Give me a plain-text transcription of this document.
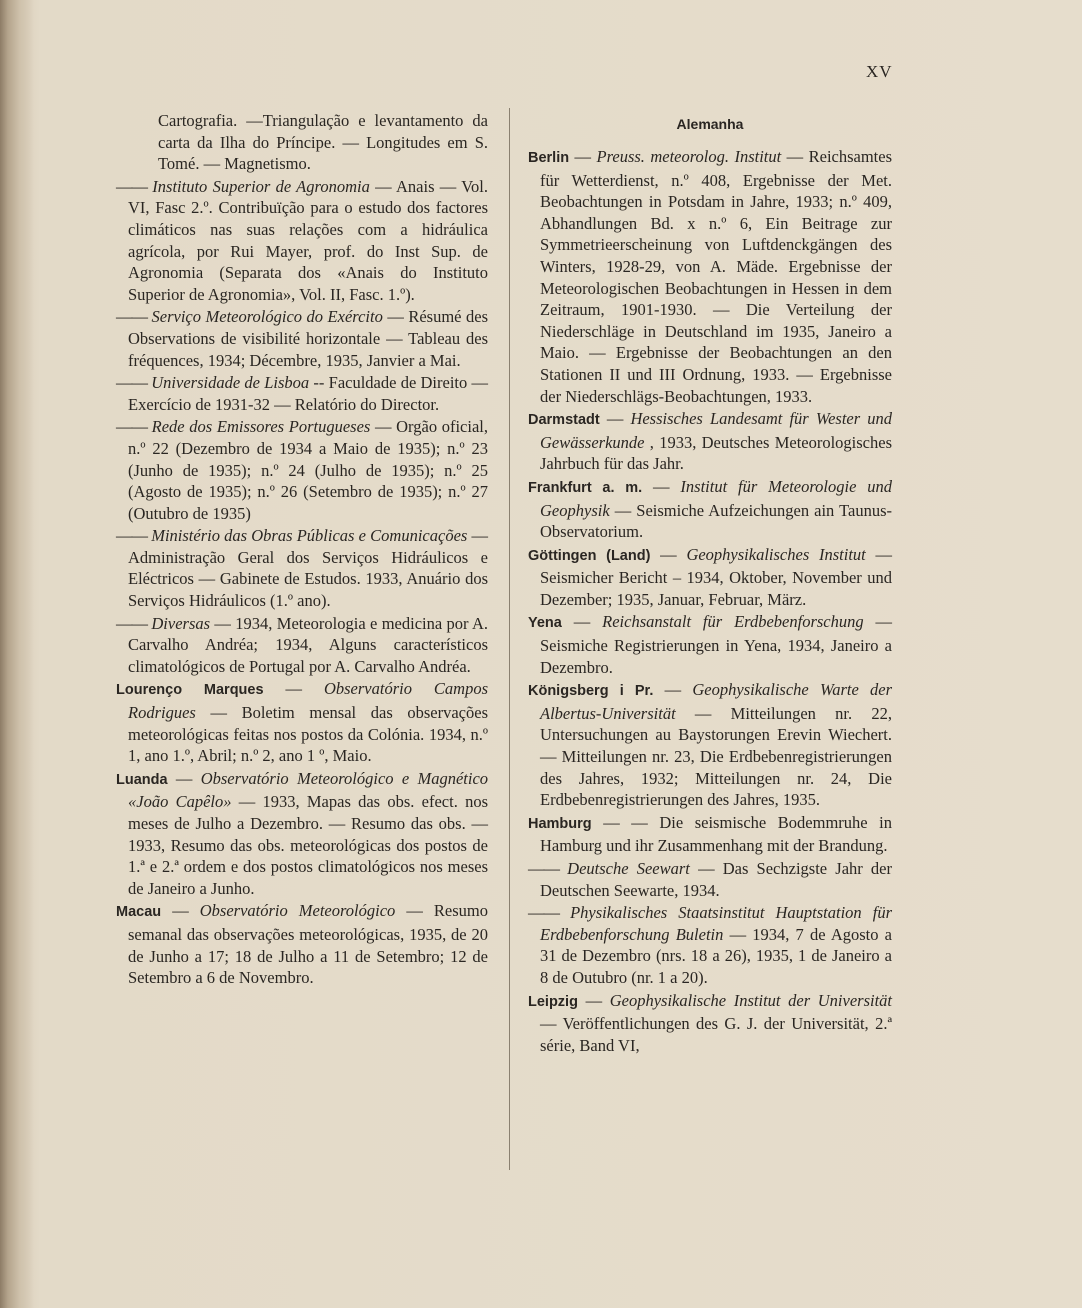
XV

Cartografia. —Triangulação e levantamento da carta da Ilha do Príncipe. — Longitudes em S. Tomé. — Magnetismo.

—— Instituto Superior de Agronomia — Anais — Vol. VI, Fasc 2.º. Contribuïção para o estudo dos factores climáticos nas suas relações com a hidráulica agrícola, por Rui Mayer, prof. do Inst Sup. de Agronomia (Separata dos «Anais do Instituto Superior de Agronomia», Vol. II, Fasc. 1.º).

—— Serviço Meteorológico do Exército — Résumé des Observations de visibilité horizontale — Tableau des fréquences, 1934; Décembre, 1935, Janvier a Mai.

—— Universidade de Lisboa -- Faculdade de Direito — Exercício de 1931-32 — Relatório do Director.

—— Rede dos Emissores Portugueses — Orgão oficial, n.º 22 (Dezembro de 1934 a Maio de 1935); n.º 23 (Junho de 1935); n.º 24 (Julho de 1935); n.º 25 (Agosto de 1935); n.º 26 (Setembro de 1935); n.º 27 (Outubro de 1935)

—— Ministério das Obras Públicas e Comunicações — Administração Geral dos Serviços Hidráulicos e Eléctricos — Gabinete de Estudos. 1933, Anuário dos Serviços Hidráulicos (1.º ano).

—— Diversas — 1934, Meteorologia e medicina por A. Carvalho Andréa; 1934, Alguns característicos climatológicos de Portugal por A. Carvalho Andréa.

Lourenço Marques — Observatório Campos Rodrigues — Boletim mensal das observações meteorológicas feitas nos postos da Colónia. 1934, n.º 1, ano 1.º, Abril; n.º 2, ano 1 º, Maio.

Luanda — Observatório Meteorológico e Magnético «João Capêlo» — 1933, Mapas das obs. efect. nos meses de Julho a Dezembro. — Resumo das obs. — 1933, Resumo das obs. meteorológicas dos postos de 1.ª e 2.ª ordem e dos postos climatológicos nos meses de Janeiro a Junho.

Macau — Observatório Meteorológico — Resumo semanal das observações meteorológicas, 1935, de 20 de Junho a 17; 18 de Julho a 11 de Setembro; 12 de Setembro a 6 de Novembro.

Alemanha

Berlin — Preuss. meteorolog. Institut — Reichsamtes für Wetterdienst, n.º 408, Ergebnisse der Met. Beobachtungen in Potsdam in Jahre, 1933; n.º 409, Abhandlungen Bd. x n.º 6, Ein Beitrage zur Symmetrieerscheinung von Luftdenckgängen des Winters, 1928-29, von A. Mäde. Ergebnisse der Meteorologischen Beobachtungen in Hessen in dem Zeitraum, 1901-1930. — Die Verteilung der Niederschläge in Deutschland im 1935, Janeiro a Maio. — Ergebnisse der Beobachtungen an den Stationen II und III Ordnung, 1933. — Ergebnisse der Niederschlägs-Beobachtungen, 1933.

Darmstadt — Hessisches Landesamt für Wester und Gewässerkunde , 1933, Deutsches Meteorologisches Jahrbuch für das Jahr.

Frankfurt a. m. — Institut für Meteorologie und Geophysik — Seismiche Aufzeichungen ain Taunus-Observatorium.

Göttingen (Land) — Geophysikalisches Institut — Seismicher Bericht – 1934, Oktober, November und Dezember; 1935, Januar, Februar, März.

Yena — Reichsanstalt für Erdbebenforschung — Seismiche Registrierungen in Yena, 1934, Janeiro a Dezembro.

Königsberg i Pr. — Geophysikalische Warte der Albertus-Universität — Mitteilungen nr. 22, Untersuchungen au Baystorungen Erevin Wiechert. — Mitteilungen nr. 23, Die Erdbebenregistrierungen des Jahres, 1932; Mitteilungen nr. 24, Die Erdbebenregistrierungen des Jahres, 1935.

Hamburg — — Die seismische Bodemmruhe in Hamburg und ihr Zusammenhang mit der Brandung.

—— Deutsche Seewart — Das Sechzigste Jahr der Deutschen Seewarte, 1934.

—— Physikalisches Staatsinstitut Hauptstation für Erdbebenforschung Buletin — 1934, 7 de Agosto a 31 de Dezembro (nrs. 18 a 26), 1935, 1 de Janeiro a 8 de Outubro (nr. 1 a 20).

Leipzig — Geophysikalische Institut der Universität — Veröffentlichungen des G. J. der Universität, 2.ª série, Band VI,
